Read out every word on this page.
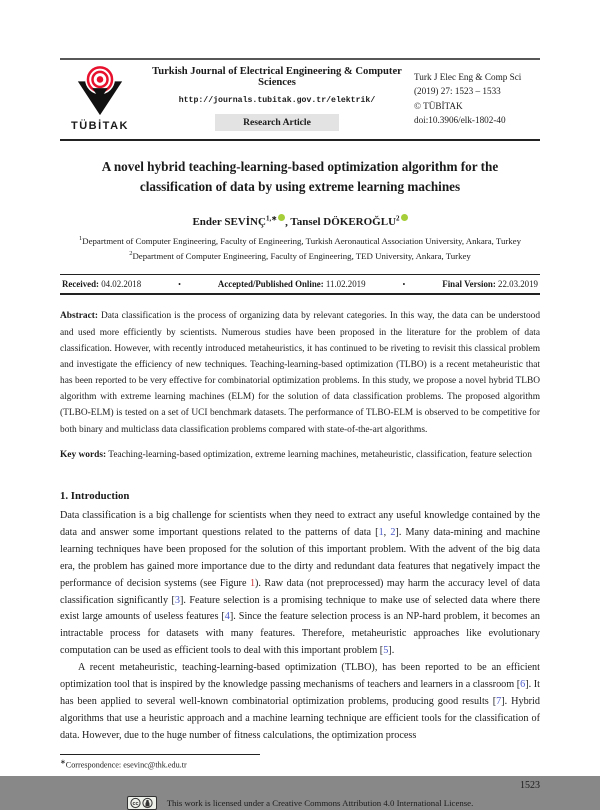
TÜBİTAK
Turkish Journal of Electrical Engineering & Computer Sciences
http://journals.tubitak.gov.tr/elektrik/
Research Article
Turk J Elec Eng & Comp Sci
(2019) 27: 1523 – 1533
© TÜBİTAK
doi:10.3906/elk-1802-40
A novel hybrid teaching-learning-based optimization algorithm for the classification of data by using extreme learning machines
Ender $SEVİNÇ^{1,∗}$ , Tansel DÖKEROĞLU$^2$
$^1$Department of Computer Engineering, Faculty of Engineering, Turkish Aeronautical Association University, Ankara, Turkey
$^2$Department of Computer Engineering, Faculty of Engineering, TED University, Ankara, Turkey
Received: 04.02.2018	•	Accepted/Published Online: 11.02.2019	•	Final Version: 22.03.2019
Abstract: Data classification is the process of organizing data by relevant categories. In this way, the data can be understood and used more efficiently by scientists. Numerous studies have been proposed in the literature for the problem of data classification. However, with recently introduced metaheuristics, it has continued to be riveting to revisit this classical problem and investigate the efficiency of new techniques. Teaching-learning-based optimization (TLBO) is a recent metaheuristic that has been reported to be very effective for combinatorial optimization problems. In this study, we propose a novel hybrid TLBO algorithm with extreme learning machines (ELM) for the solution of data classification problems. The proposed algorithm (TLBO-ELM) is tested on a set of UCI benchmark datasets. The performance of TLBO-ELM is observed to be competitive for both binary and multiclass data classification problems compared with state-of-the-art algorithms.
Key words: Teaching-learning-based optimization, extreme learning machines, metaheuristic, classification, feature selection
1. Introduction
Data classification is a big challenge for scientists when they need to extract any useful knowledge contained by the data and answer some important questions related to the patterns of data [1, 2]. Many data-mining and machine learning techniques have been proposed for the solution of this important problem. With the advent of the big data era, the problem has gained more importance due to the dirty and redundant data features that negatively impact the performance of decision systems (see Figure 1). Raw data (not preprocessed) may harm the accuracy level of data classification significantly [3]. Feature selection is a promising technique to make use of selected data where there exist large amounts of useless features [4]. Since the feature selection process is an NP-hard problem, it becomes an intractable process for datasets with many features. Therefore, metaheuristic approaches like evolutionary computation can be used as efficient tools to deal with this important problem [5].
A recent metaheuristic, teaching-learning-based optimization (TLBO), has been reported to be an efficient optimization tool that is inspired by the knowledge passing mechanisms of teachers and learners in a classroom [6]. It has been applied to several well-known combinatorial optimization problems, producing good results [7]. Hybrid algorithms that use a heuristic approach and a machine learning technique are efficient tools for the classification of data. However, due to the huge number of fitness calculations, the optimization process
∗Correspondence: esevinc@thk.edu.tr
1523
cc	This work is licensed under a Creative Commons Attribution 4.0 International License.
